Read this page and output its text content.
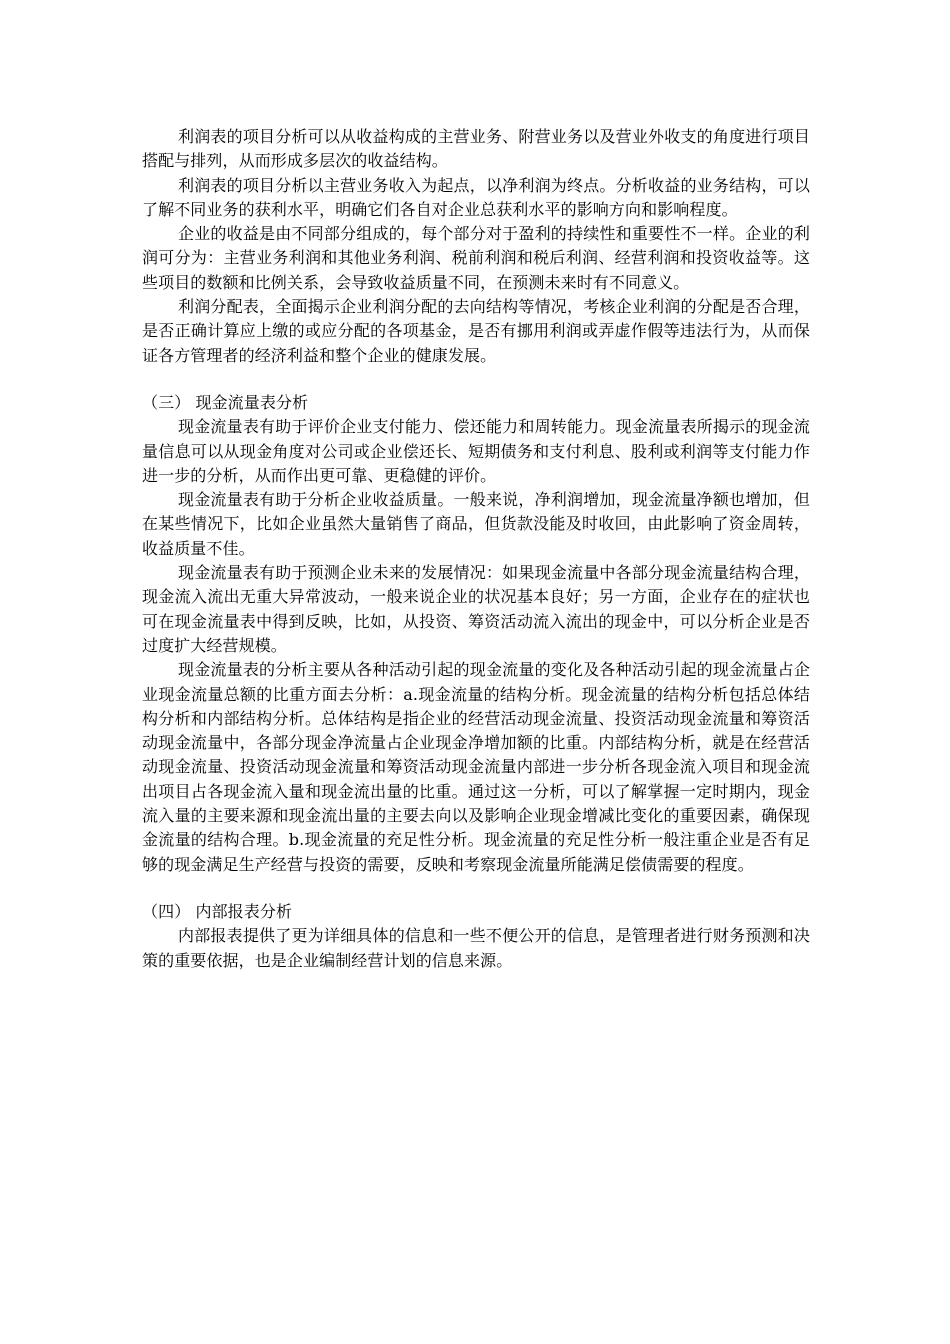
利润表的项目分析可以从收益构成的主营业务、附营业务以及营业外收支的角度进行项目搭配与排列，从而形成多层次的收益结构。

利润表的项目分析以主营业务收入为起点，以净利润为终点。分析收益的业务结构，可以了解不同业务的获利水平，明确它们各自对企业总获利水平的影响方向和影响程度。

企业的收益是由不同部分组成的，每个部分对于盈利的持续性和重要性不一样。企业的利润可分为：主营业务利润和其他业务利润、税前利润和税后利润、经营利润和投资收益等。这些项目的数额和比例关系，会导致收益质量不同，在预测未来时有不同意义。

利润分配表，全面揭示企业利润分配的去向结构等情况，考核企业利润的分配是否合理，是否正确计算应上缴的或应分配的各项基金，是否有挪用利润或弄虚作假等违法行为，从而保证各方管理者的经济利益和整个企业的健康发展。

（三） 现金流量表分析

现金流量表有助于评价企业支付能力、偿还能力和周转能力。现金流量表所揭示的现金流量信息可以从现金角度对公司或企业偿还长、短期债务和支付利息、股利或利润等支付能力作进一步的分析，从而作出更可靠、更稳健的评价。

现金流量表有助于分析企业收益质量。一般来说，净利润增加，现金流量净额也增加，但在某些情况下，比如企业虽然大量销售了商品，但货款没能及时收回，由此影响了资金周转，收益质量不佳。

现金流量表有助于预测企业未来的发展情况：如果现金流量中各部分现金流量结构合理，现金流入流出无重大异常波动，一般来说企业的状况基本良好；另一方面，企业存在的症状也可在现金流量表中得到反映，比如，从投资、筹资活动流入流出的现金中，可以分析企业是否过度扩大经营规模。

现金流量表的分析主要从各种活动引起的现金流量的变化及各种活动引起的现金流量占企业现金流量总额的比重方面去分析：a.现金流量的结构分析。现金流量的结构分析包括总体结构分析和内部结构分析。总体结构是指企业的经营活动现金流量、投资活动现金流量和筹资活动现金流量中，各部分现金净流量占企业现金净增加额的比重。内部结构分析，就是在经营活动现金流量、投资活动现金流量和筹资活动现金流量内部进一步分析各现金流入项目和现金流出项目占各现金流入量和现金流出量的比重。通过这一分析，可以了解掌握一定时期内，现金流入量的主要来源和现金流出量的主要去向以及影响企业现金增减比变化的重要因素，确保现金流量的结构合理。b.现金流量的充足性分析。现金流量的充足性分析一般注重企业是否有足够的现金满足生产经营与投资的需要，反映和考察现金流量所能满足偿债需要的程度。

（四） 内部报表分析

内部报表提供了更为详细具体的信息和一些不便公开的信息，是管理者进行财务预测和决策的重要依据，也是企业编制经营计划的信息来源。
